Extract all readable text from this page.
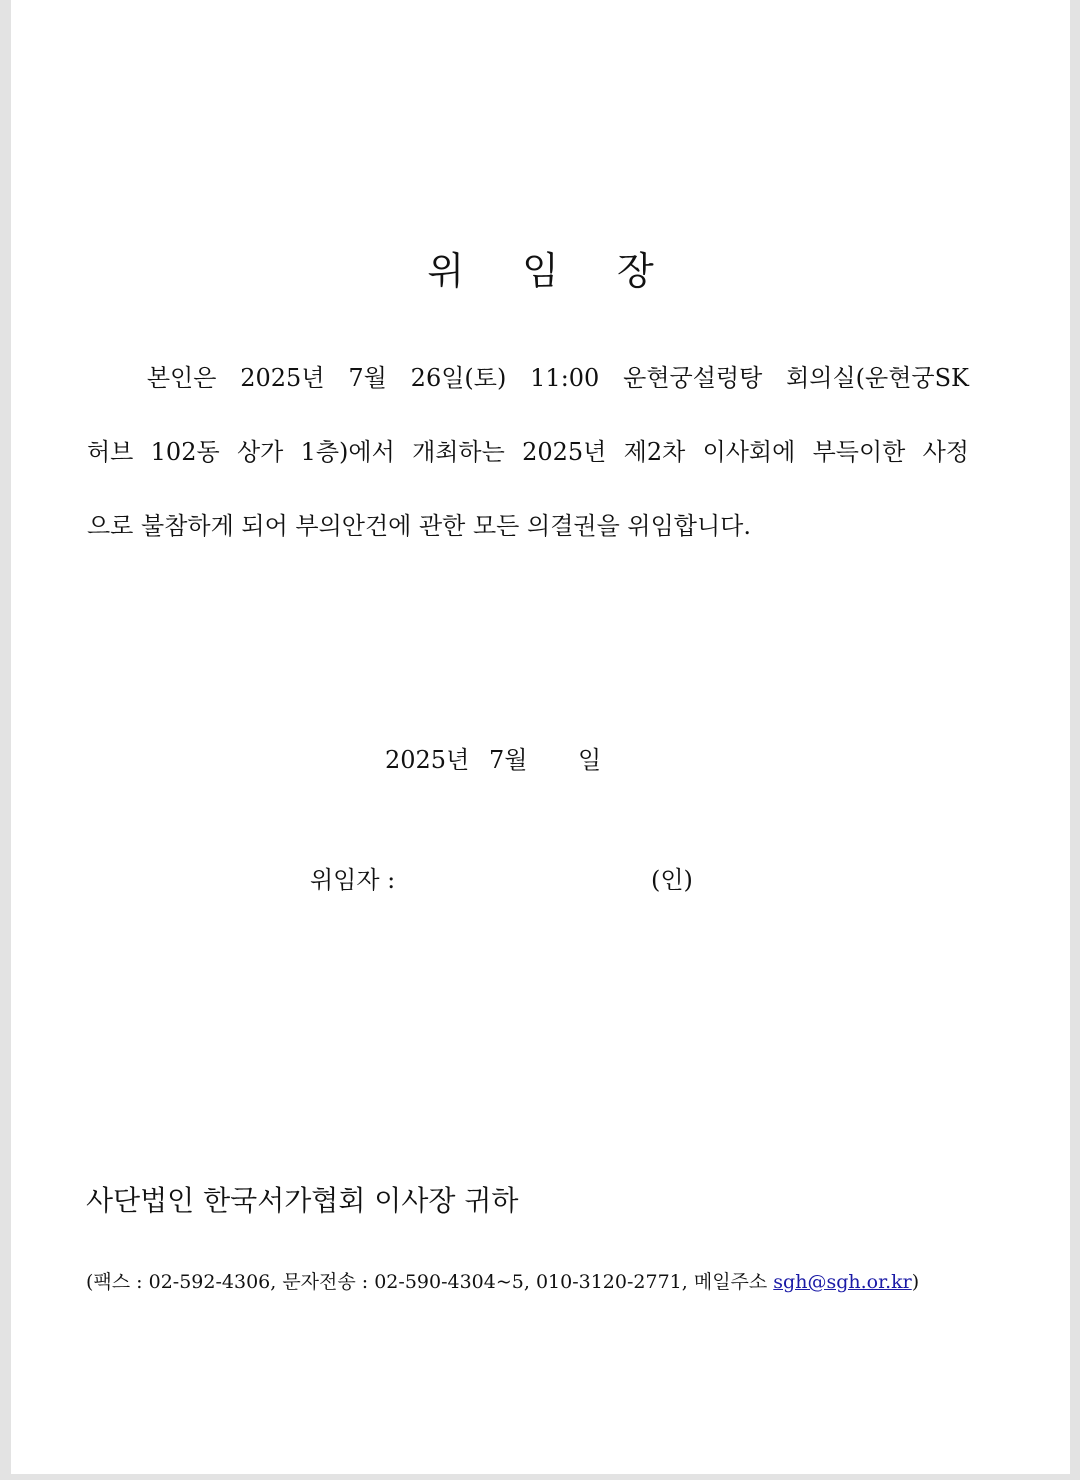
위 임 장
본인은 2025년 7월 26일(토) 11:00 운현궁설렁탕 회의실(운현궁SK
허브 102동 상가 1층)에서 개최하는 2025년 제2차 이사회에 부득이한 사정
으로 불참하게 되어 부의안건에 관한 모든 의결권을 위임합니다.
2025년 7월 일
위임자 :	(인)
사단법인 한국서가협회 이사장 귀하
(팩스 : 02-592-4306, 문자전송 : 02-590-4304~5, 010-3120-2771, 메일주소 sgh@sgh.or.kr)
